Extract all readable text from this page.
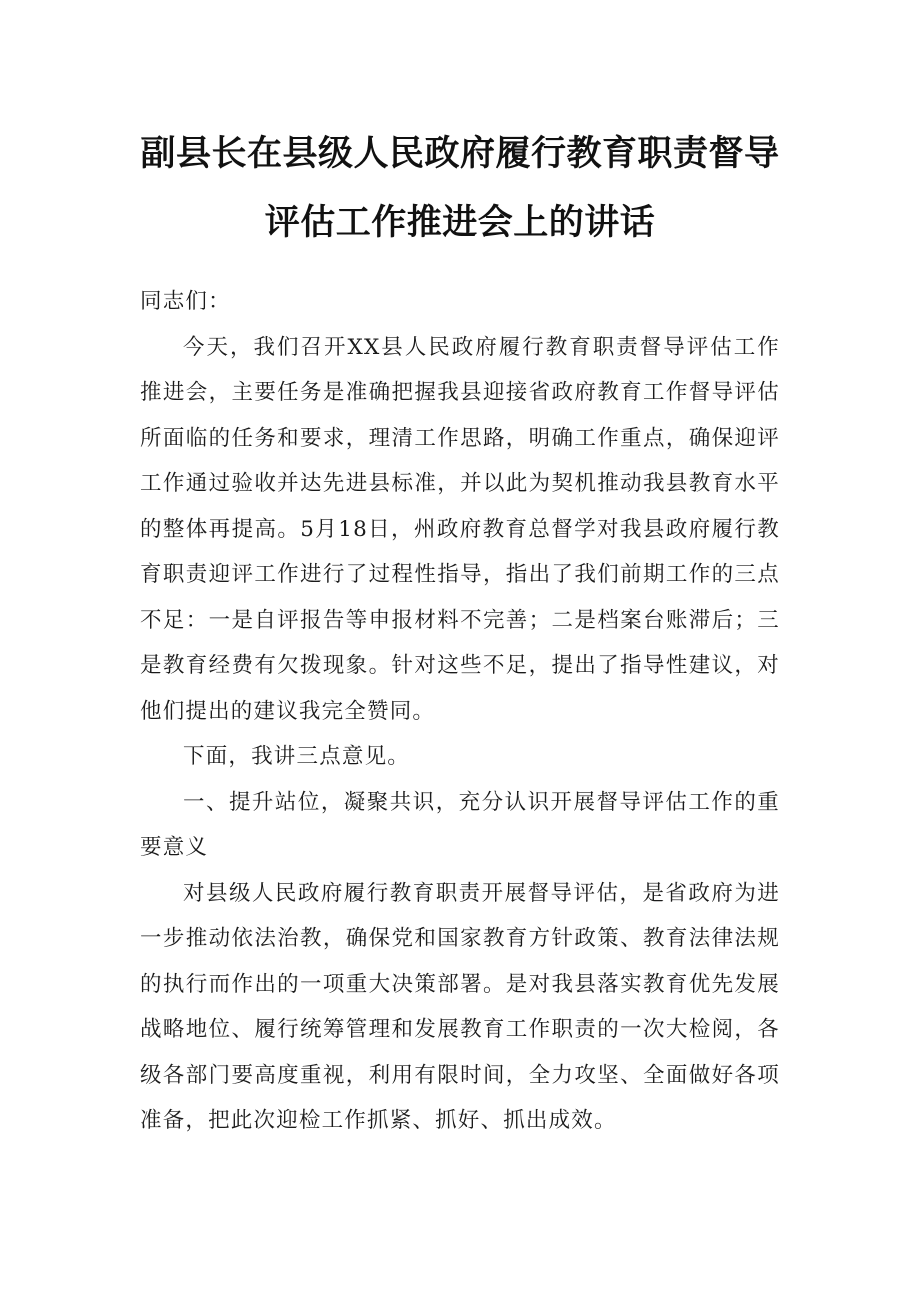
副县长在县级人民政府履行教育职责督导
评估工作推进会上的讲话

同志们：

今天，我们召开XX县人民政府履行教育职责督导评估工作推进会，主要任务是准确把握我县迎接省政府教育工作督导评估所面临的任务和要求，理清工作思路，明确工作重点，确保迎评工作通过验收并达先进县标准，并以此为契机推动我县教育水平的整体再提高。5月18日，州政府教育总督学对我县政府履行教育职责迎评工作进行了过程性指导，指出了我们前期工作的三点不足：一是自评报告等申报材料不完善；二是档案台账滞后；三是教育经费有欠拨现象。针对这些不足，提出了指导性建议，对他们提出的建议我完全赞同。

下面，我讲三点意见。

一、提升站位，凝聚共识，充分认识开展督导评估工作的重要意义

对县级人民政府履行教育职责开展督导评估，是省政府为进一步推动依法治教，确保党和国家教育方针政策、教育法律法规的执行而作出的一项重大决策部署。是对我县落实教育优先发展战略地位、履行统筹管理和发展教育工作职责的一次大检阅，各级各部门要高度重视，利用有限时间，全力攻坚、全面做好各项准备，把此次迎检工作抓紧、抓好、抓出成效。
